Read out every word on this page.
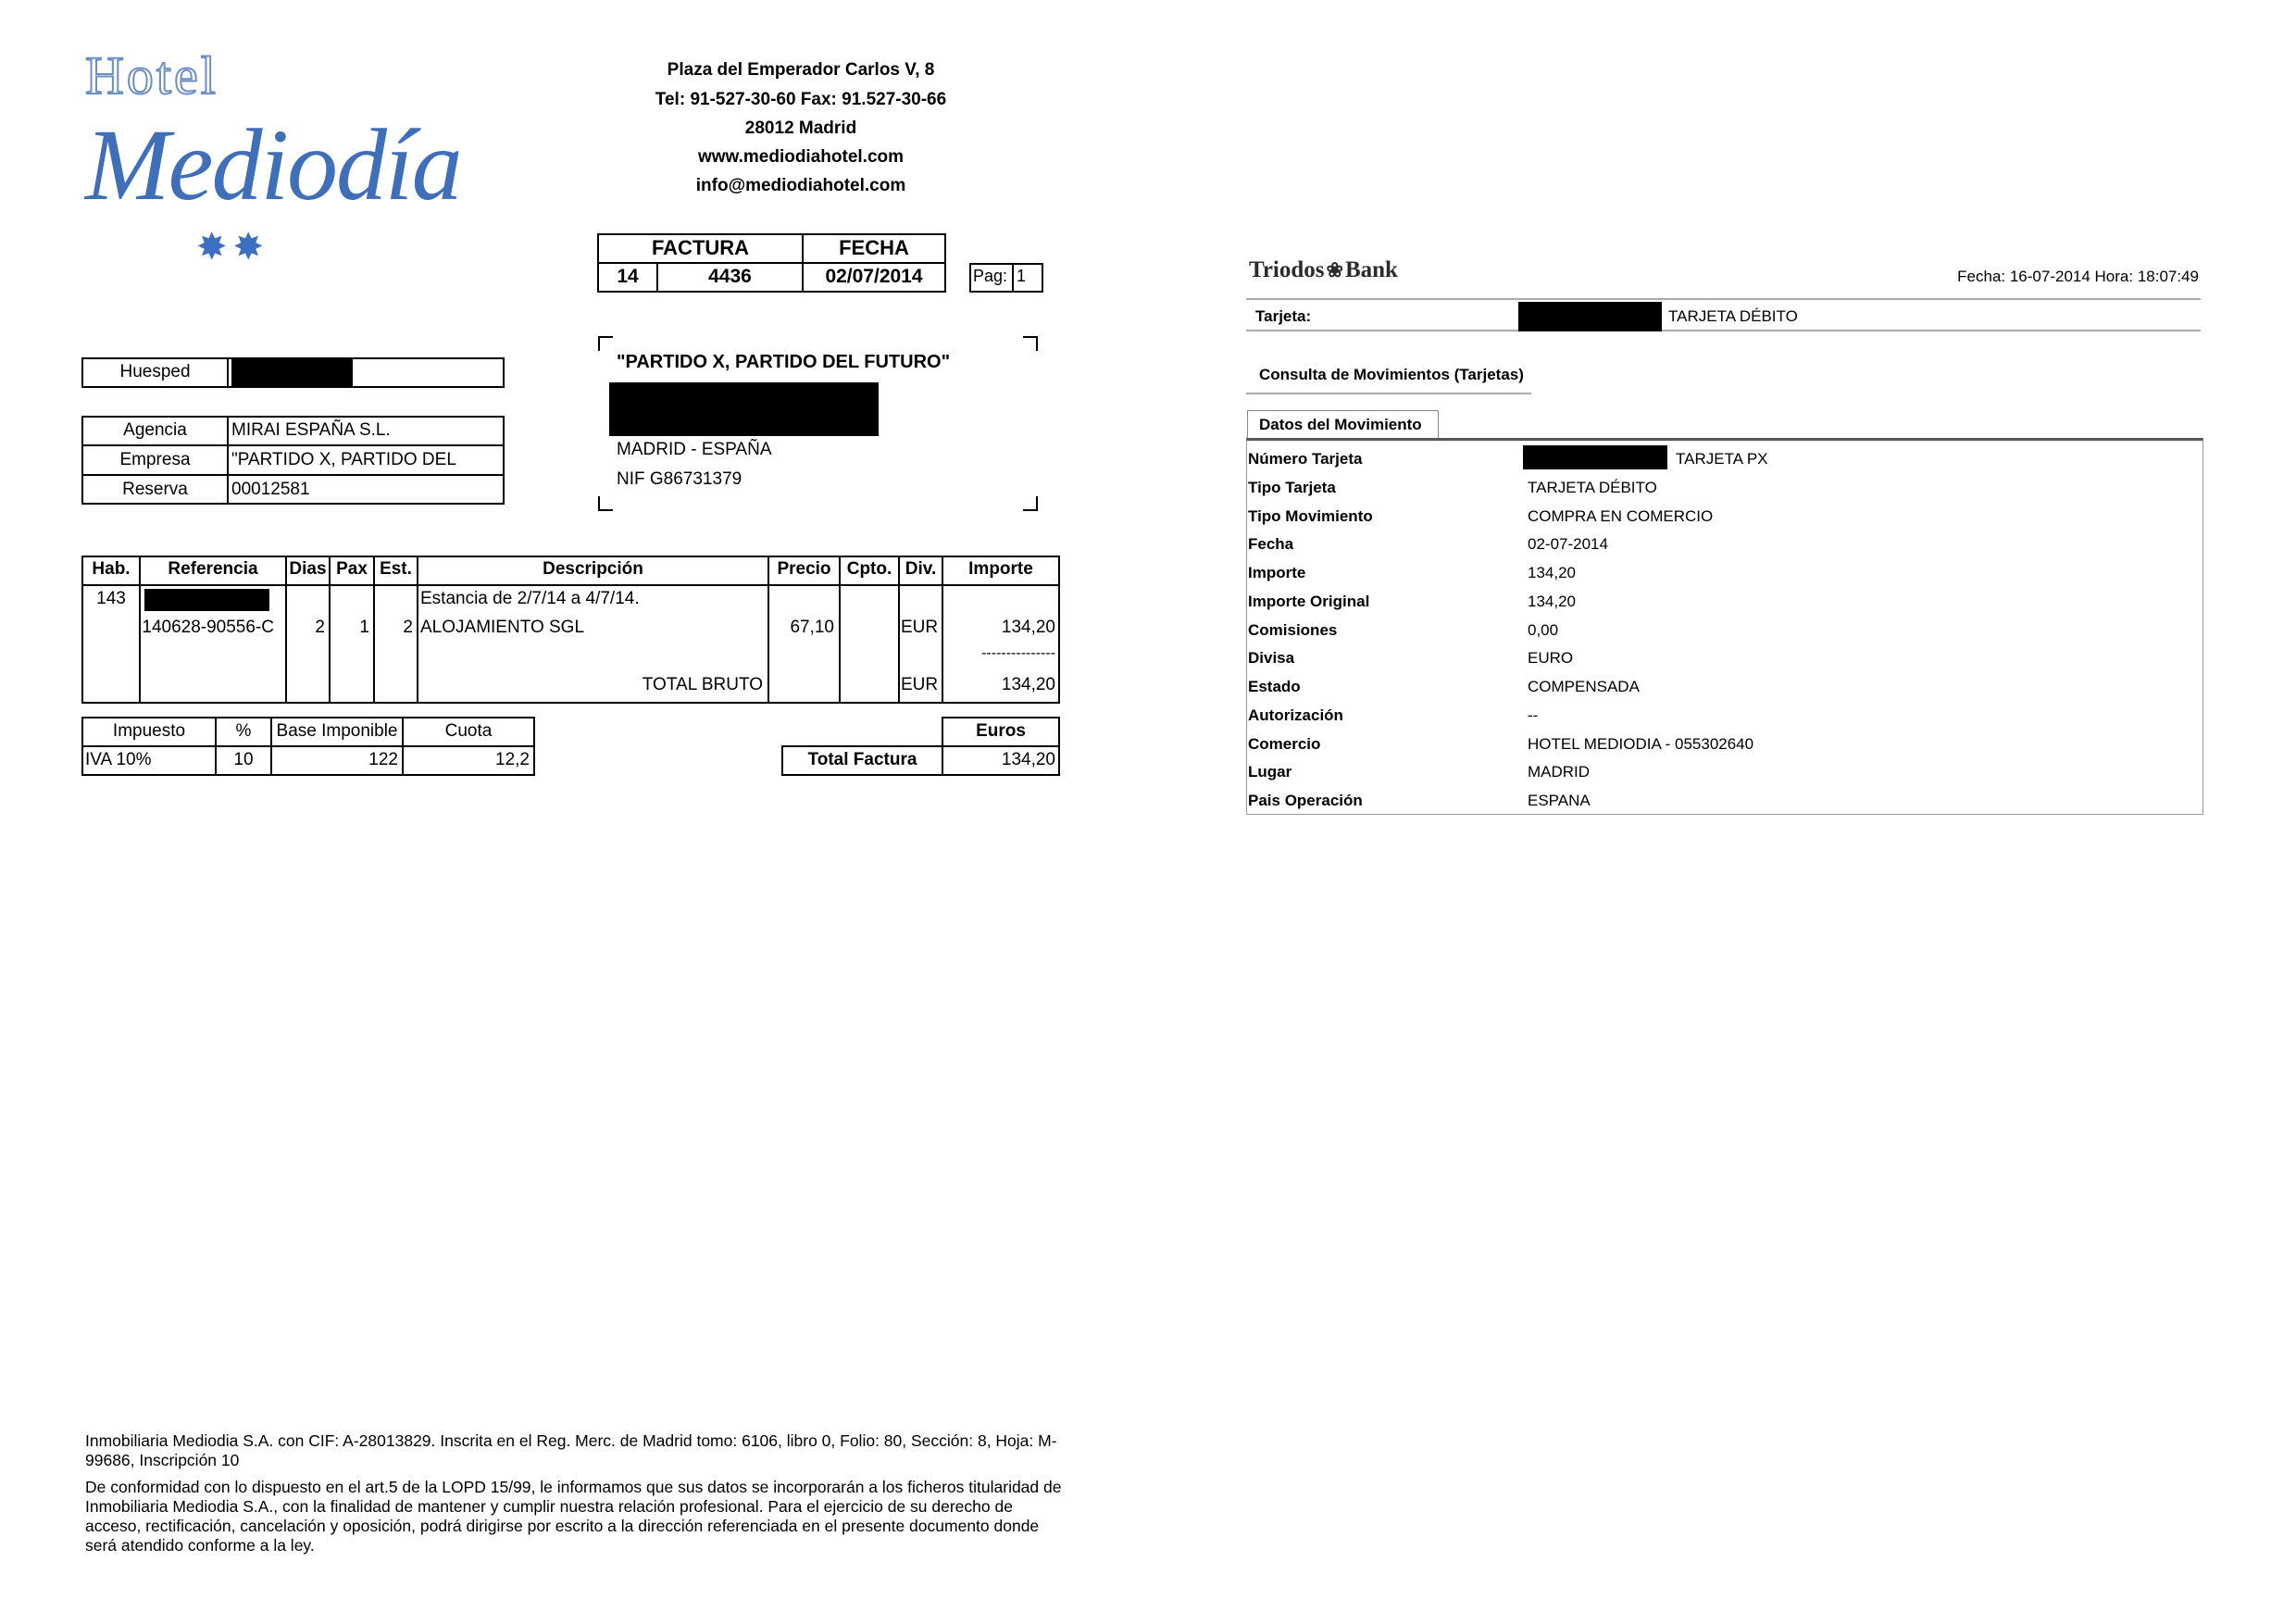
Hotel
Mediodía
✸✸
Plaza del Emperador Carlos V, 8
Tel: 91-527-30-60 Fax: 91.527-30-66
28012 Madrid
www.mediodiahotel.com
info@mediodiahotel.com
FACTURA	FECHA
14	4436	02/07/2014	Pag: 1
Huesped
Agencia	MIRAI ESPAÑA S.L.
Empresa	"PARTIDO X, PARTIDO DEL
Reserva	00012581
"PARTIDO X, PARTIDO DEL FUTURO"
MADRID - ESPAÑA
NIF G86731379
Hab.	Referencia	Dias Pax Est.	Descripción	Precio Cpto. Div.	Importe
143	Estancia de 2/7/14 a 4/7/14.
140628-90556-C	2	1	2 ALOJAMIENTO SGL	67,10	EUR	134,20
---------------
TOTAL BRUTO	EUR	134,20
Impuesto	%	Base Imponible	Cuota
IVA 10%	10	122	12,2
Euros
Total Factura	134,20
Inmobiliaria Mediodia S.A. con CIF: A-28013829. Inscrita en el Reg. Merc. de Madrid tomo: 6106, libro 0, Folio: 80, Sección: 8, Hoja: M-99686, Inscripción 10
De conformidad con lo dispuesto en el art.5 de la LOPD 15/99, le informamos que sus datos se incorporarán a los ficheros titularidad de Inmobiliaria Mediodia S.A., con la finalidad de mantener y cumplir nuestra relación profesional. Para el ejercicio de su derecho de acceso, rectificación, cancelación y oposición, podrá dirigirse por escrito a la dirección referenciada en el presente documento donde será atendido conforme a la ley.
Triodos❀Bank	Fecha: 16-07-2014 Hora: 18:07:49
Tarjeta:	TARJETA DÉBITO
Consulta de Movimientos (Tarjetas)
Datos del Movimiento
Número Tarjeta	TARJETA PX
Tipo Tarjeta	TARJETA DÉBITO
Tipo Movimiento	COMPRA EN COMERCIO
Fecha	02-07-2014
Importe	134,20
Importe Original	134,20
Comisiones	0,00
Divisa	EURO
Estado	COMPENSADA
Autorización	--
Comercio	HOTEL MEDIODIA - 055302640
Lugar	MADRID
Pais Operación	ESPANA
